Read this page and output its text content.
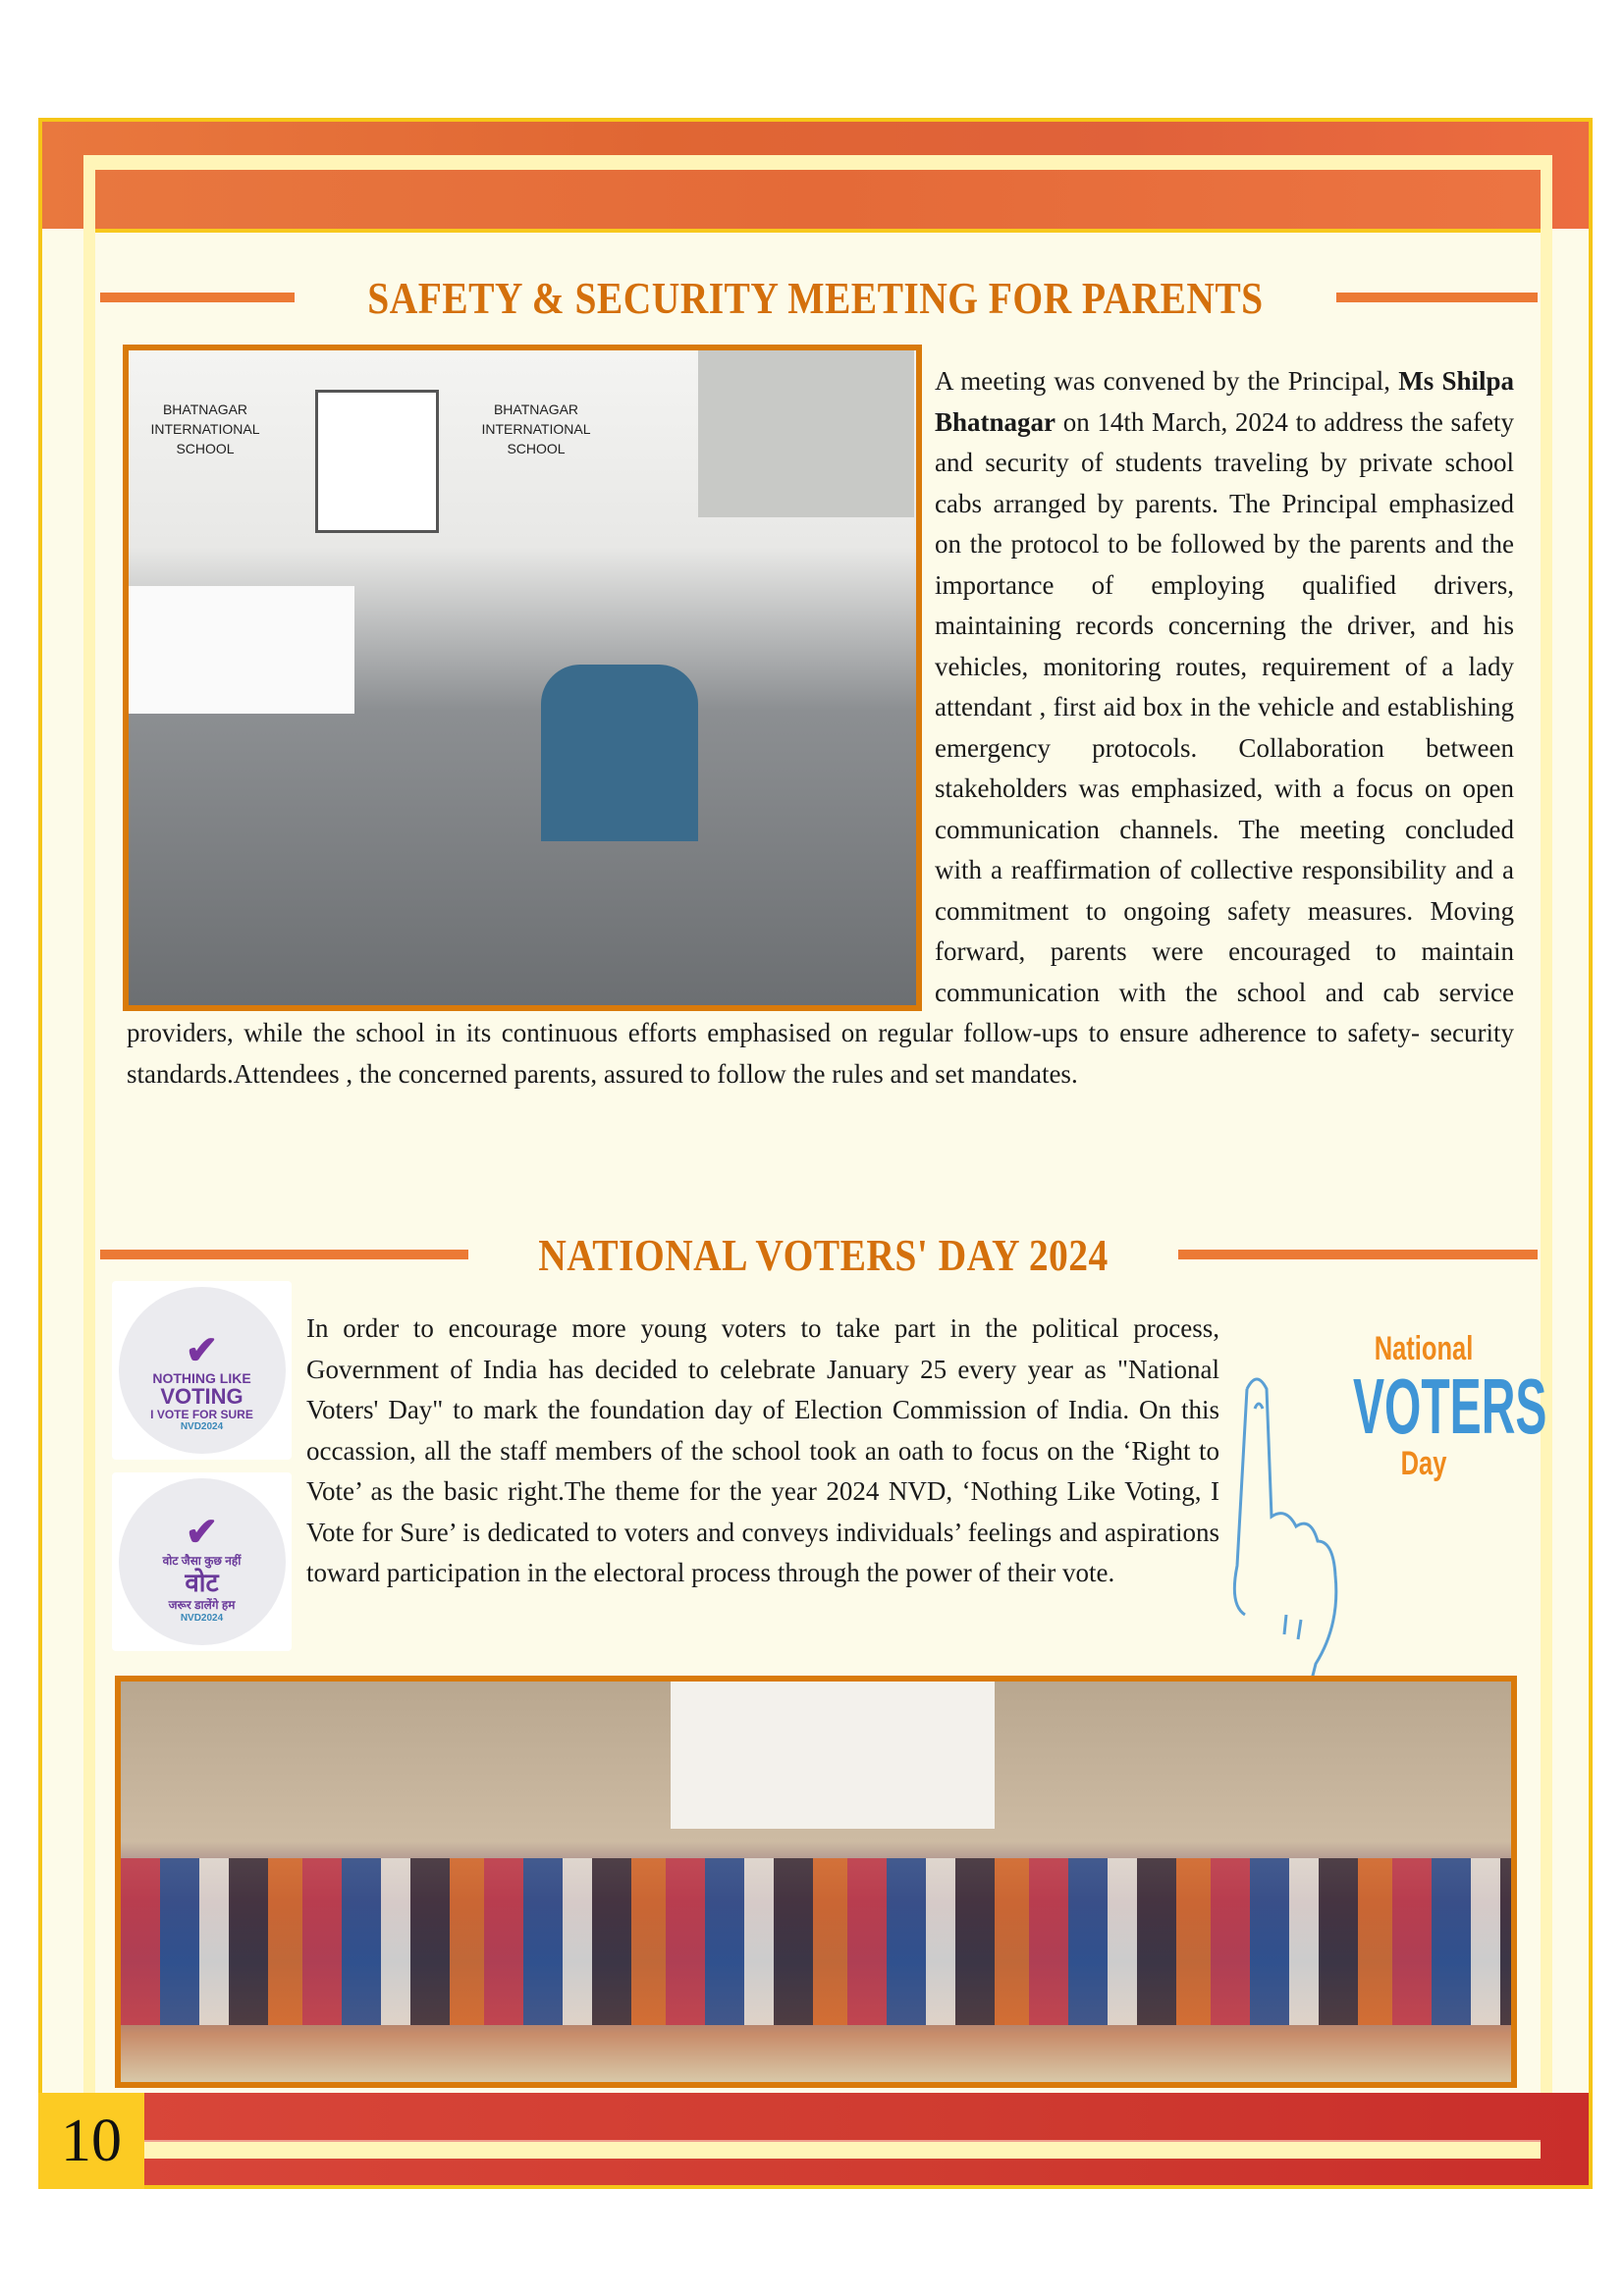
SAFETY & SECURITY MEETING FOR PARENTS
BHATNAGAR INTERNATIONAL SCHOOL
BHATNAGAR INTERNATIONAL SCHOOL

A meeting was convened by the Principal, Ms Shilpa Bhatnagar on 14th March, 2024 to address the safety and security of students traveling by private school cabs arranged by parents. The Principal emphasized on the protocol to be followed by the parents and the importance of employing qualified drivers, maintaining records concerning the driver, and his vehicles, monitoring routes, requirement of a lady attendant , first aid box in the vehicle and establishing emergency protocols. Collaboration between stakeholders was emphasized, with a focus on open communication channels. The meeting concluded with a reaffirmation of collective responsibility and a commitment to ongoing safety measures. Moving forward, parents were encouraged to maintain communication with the school and cab service providers, while the school in its continuous efforts emphasised on regular follow-ups to ensure adherence to safety- security standards.Attendees , the concerned parents, assured to follow the rules and set mandates.

NATIONAL VOTERS' DAY 2024
✔
NOTHING LIKE
VOTING
I VOTE FOR SURE
NVD2024
✔
वोट जैसा कुछ नहीं
वोट
जरूर डालेंगे हम
NVD2024

In order to encourage more young voters to take part in the political process, Government of India has decided to celebrate January 25 every year as "National Voters' Day" to mark the foundation day of Election Commission of India. On this occassion, all the staff members of the school took an oath to focus on the ‘Right to Vote’ as the basic right.The theme for the year 2024 NVD, ‘Nothing Like Voting, I Vote for Sure’ is dedicated to voters and conveys individuals’ feelings and aspirations toward participation in the electoral process through the power of their vote.

National
VOTERS
Day
10
